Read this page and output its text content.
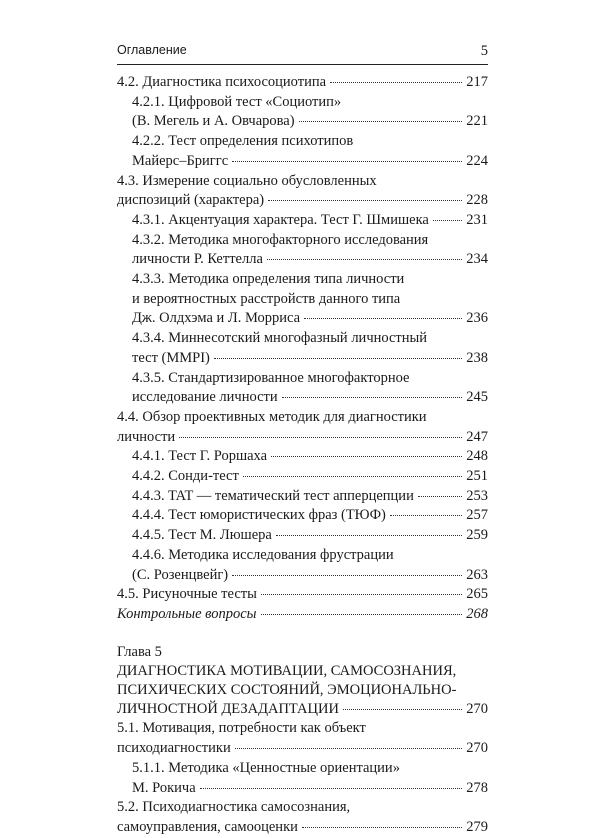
Оглавление	5
4.2. Диагностика психосоциотипа	217
4.2.1. Цифровой тест «Социотип»
(В. Мегель и А. Овчарова)	221
4.2.2. Тест определения психотипов
Майерс–Бриггс	224
4.3. Измерение социально обусловленных
диспозиций (характера)	228
4.3.1. Акцентуация характера. Тест Г. Шмишека	231
4.3.2. Методика многофакторного исследования
личности Р. Кеттелла	234
4.3.3. Методика определения типа личности
и вероятностных расстройств данного типа
Дж. Олдхэма и Л. Морриса	236
4.3.4. Миннесотский многофазный личностный
тест (MMPI)	238
4.3.5. Стандартизированное многофакторное
исследование личности	245
4.4. Обзор проективных методик для диагностики
личности	247
4.4.1. Тест Г. Роршаха	248
4.4.2. Сонди-тест	251
4.4.3. TAT — тематический тест апперцепции	253
4.4.4. Тест юмористических фраз (ТЮФ)	257
4.4.5. Тест М. Люшера	259
4.4.6. Методика исследования фрустрации
(С. Розенцвейг)	263
4.5. Рисуночные тесты	265
Контрольные вопросы	268
Глава 5
ДИАГНОСТИКА МОТИВАЦИИ, САМОСОЗНАНИЯ,
ПСИХИЧЕСКИХ СОСТОЯНИЙ, ЭМОЦИОНАЛЬНО-
ЛИЧНОСТНОЙ ДЕЗАДАПТАЦИИ	270
5.1. Мотивация, потребности как объект
психодиагностики	270
5.1.1. Методика «Ценностные ориентации»
М. Рокича	278
5.2. Психодиагностика самосознания,
самоуправления, самооценки	279
